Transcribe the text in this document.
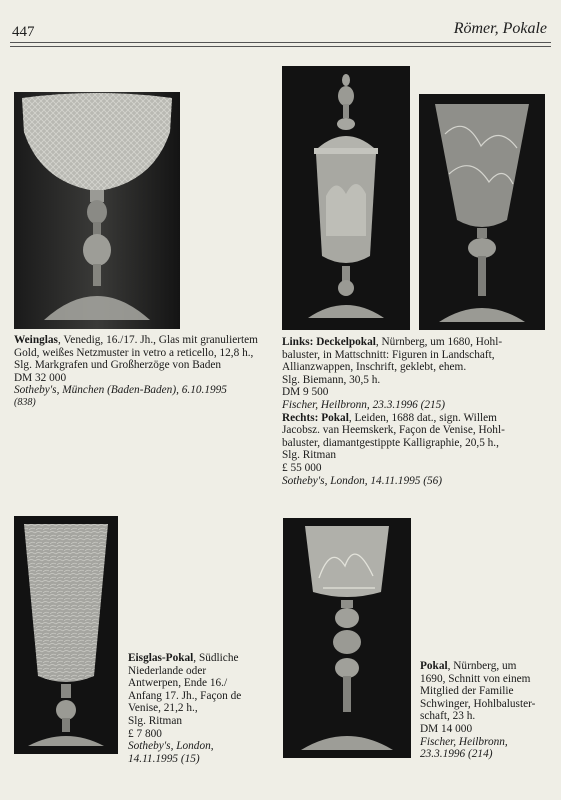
447	Römer, Pokale
Weinglas, Venedig, 16./17. Jh., Glas mit granuliertem
Gold, weißes Netzmuster in vetro a reticello, 12,8 h.,
Slg. Markgrafen und Großherzöge von Baden
DM 32 000
Sotheby's, München (Baden-Baden), 6.10.1995
(838)
Links: Deckelpokal, Nürnberg, um 1680, Hohl-
baluster, in Mattschnitt: Figuren in Landschaft,
Allianzwappen, Inschrift, geklebt, ehem.
Slg. Biemann, 30,5 h.
DM 9 500
Fischer, Heilbronn, 23.3.1996 (215)
Rechts: Pokal, Leiden, 1688 dat., sign. Willem
Jacobsz. van Heemskerk, Façon de Venise, Hohl-
baluster, diamantgestippte Kalligraphie, 20,5 h.,
Slg. Ritman
£ 55 000
Sotheby's, London, 14.11.1995 (56)
Eisglas-Pokal, Südliche
Niederlande oder
Antwerpen, Ende 16./
Anfang 17. Jh., Façon de
Venise, 21,2 h.,
Slg. Ritman
£ 7 800
Sotheby's, London,
14.11.1995 (15)
Pokal, Nürnberg, um
1690, Schnitt von einem
Mitglied der Familie
Schwinger, Hohlbaluster-
schaft, 23 h.
DM 14 000
Fischer, Heilbronn,
23.3.1996 (214)
